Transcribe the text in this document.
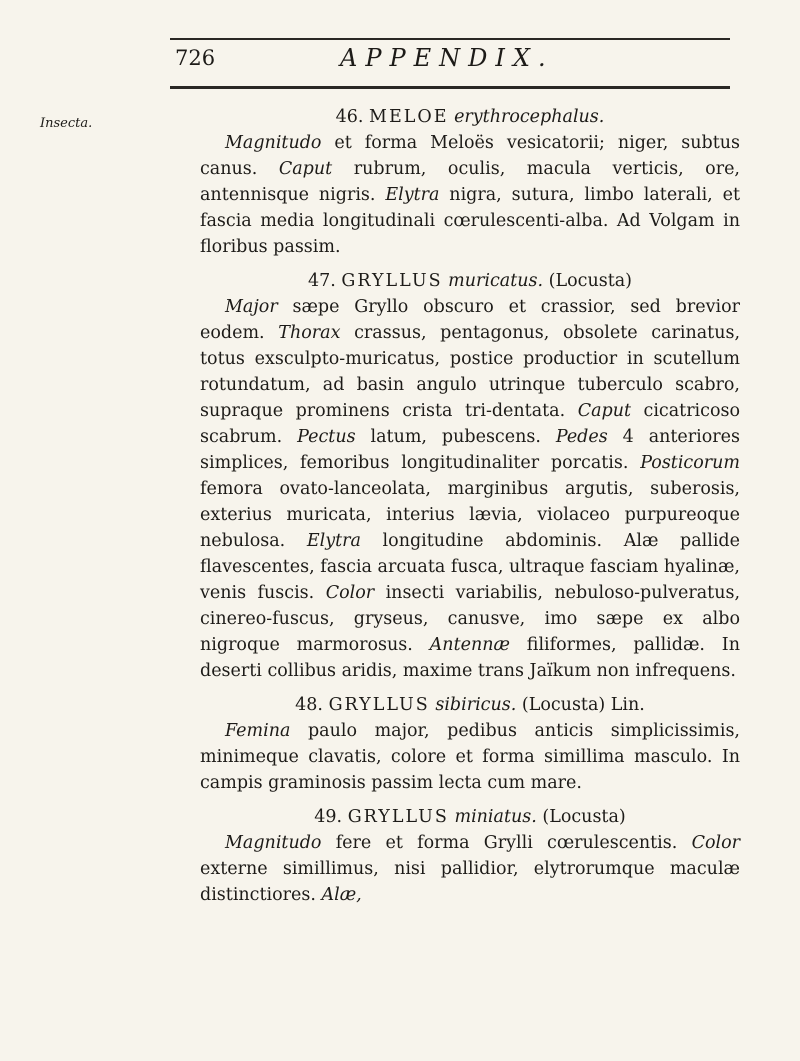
726	APPENDIX.
Insecta.	46. MELOE erythrocephalus.

Magnitudo et forma Meloës vesicatorii; niger, subtus canus. Caput rubrum, oculis, macula verticis, ore, antennisque nigris. Elytra nigra, sutura, limbo laterali, et fascia media longitudinali cœrulescenti-alba. Ad Volgam in floribus passim.

47. GRYLLUS muricatus. (Locusta)

Major sæpe Gryllo obscuro et crassior, sed brevior eodem. Thorax crassus, pentagonus, obsolete carinatus, totus exsculpto-muricatus, postice productior in scutellum rotundatum, ad basin angulo utrinque tuberculo scabro, supraque prominens crista tri-dentata. Caput cicatricoso scabrum. Pectus latum, pubescens. Pedes 4 anteriores simplices, femoribus longitudinaliter porcatis. Posticorum femora ovato-lanceolata, marginibus argutis, suberosis, exterius muricata, interius lævia, violaceo purpureoque nebulosa. Elytra longitudine abdominis. Alæ pallide flavescentes, fascia arcuata fusca, ultraque fasciam hyalinæ, venis fuscis. Color insecti variabilis, nebuloso-pulveratus, cinereo-fuscus, gryseus, canusve, imo sæpe ex albo nigroque marmorosus. Antennæ filiformes, pallidæ. In deserti collibus aridis, maxime trans Jaïkum non infrequens.

48. GRYLLUS sibiricus. (Locusta) Lin.

Femina paulo major, pedibus anticis simplicissimis, minimeque clavatis, colore et forma simillima masculo. In campis graminosis passim lecta cum mare.

49. GRYLLUS miniatus. (Locusta)

Magnitudo fere et forma Grylli cœrulescentis. Color externe simillimus, nisi pallidior, elytrorumque maculæ distinctiores. Alæ,
